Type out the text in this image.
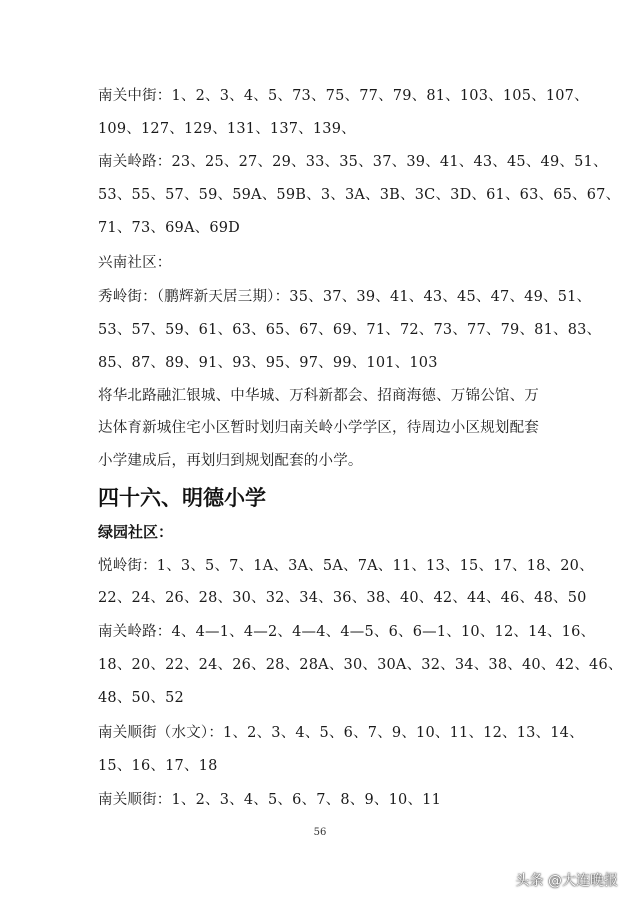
南关中街：1、2、3、4、5、73、75、77、79、81、103、105、107、
109、127、129、131、137、139、
南关岭路：23、25、27、29、33、35、37、39、41、43、45、49、51、
53、55、57、59、59A、59B、3、3A、3B、3C、3D、61、63、65、67、
71、73、69A、69D
兴南社区：
秀岭街：（鹏辉新天居三期）：35、37、39、41、43、45、47、49、51、
53、57、59、61、63、65、67、69、71、72、73、77、79、81、83、
85、87、89、91、93、95、97、99、101、103
将华北路融汇银城、中华城、万科新都会、招商海德、万锦公馆、万
达体育新城住宅小区暂时划归南关岭小学学区，待周边小区规划配套
小学建成后，再划归到规划配套的小学。
四十六、明德小学
绿园社区：
悦岭街：1、3、5、7、1A、3A、5A、7A、11、13、15、17、18、20、
22、24、26、28、30、32、34、36、38、40、42、44、46、48、50
南关岭路：4、4—1、4—2、4—4、4—5、6、6—1、10、12、14、16、
18、20、22、24、26、28、28A、30、30A、32、34、38、40、42、46、
48、50、52
南关顺街（水文）：1、2、3、4、5、6、7、9、10、11、12、13、14、
15、16、17、18
南关顺街：1、2、3、4、5、6、7、8、9、10、11
56
头条 @大连晚报
